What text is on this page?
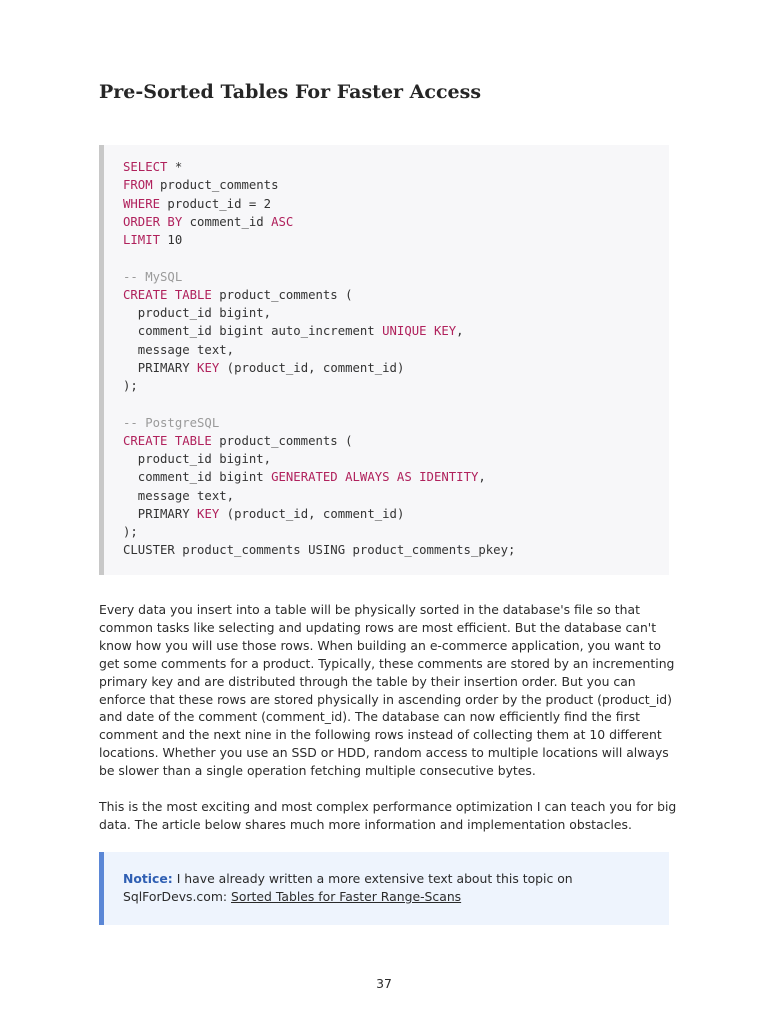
Pre-Sorted Tables For Faster Access
SELECT *
FROM product_comments
WHERE product_id = 2
ORDER BY comment_id ASC
LIMIT 10
-- MySQL
CREATE TABLE product_comments (
product_id bigint,
comment_id bigint auto_increment UNIQUE KEY,
message text,
PRIMARY KEY (product_id, comment_id)
);
-- PostgreSQL
CREATE TABLE product_comments (
product_id bigint,
comment_id bigint GENERATED ALWAYS AS IDENTITY,
message text,
PRIMARY KEY (product_id, comment_id)
);
CLUSTER product_comments USING product_comments_pkey;

Every data you insert into a table will be physically sorted in the database's file so that
common tasks like selecting and updating rows are most efficient. But the database can't
know how you will use those rows. When building an e-commerce application, you want to
get some comments for a product. Typically, these comments are stored by an incrementing
primary key and are distributed through the table by their insertion order. But you can
enforce that these rows are stored physically in ascending order by the product (product_id)
and date of the comment (comment_id). The database can now efficiently find the first
comment and the next nine in the following rows instead of collecting them at 10 different
locations. Whether you use an SSD or HDD, random access to multiple locations will always
be slower than a single operation fetching multiple consecutive bytes.

This is the most exciting and most complex performance optimization I can teach you for big
data. The article below shares much more information and implementation obstacles.

Notice: I have already written a more extensive text about this topic on
SqlForDevs.com: Sorted Tables for Faster Range-Scans
37
